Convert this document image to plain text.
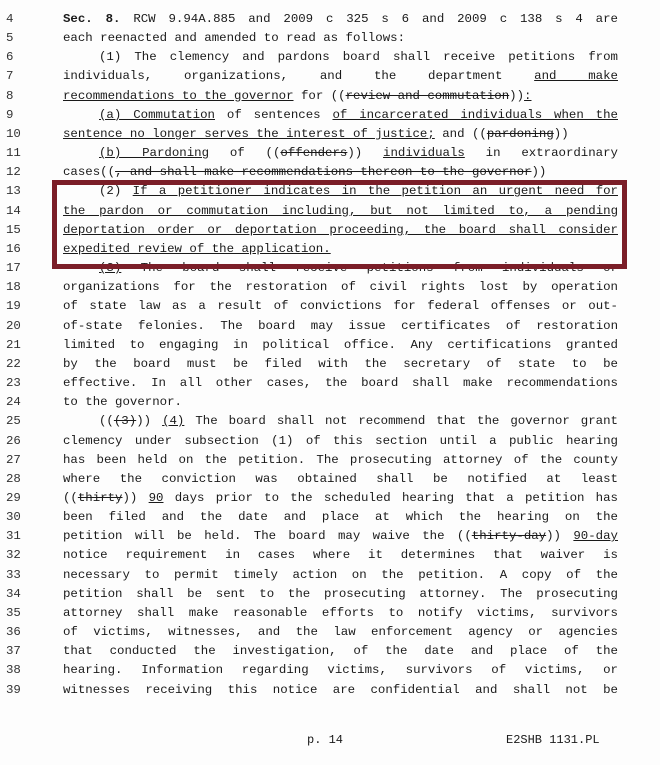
4	Sec. 8. RCW 9.94A.885 and 2009 c 325 s 6 and 2009 c 138 s 4 are
5	each reenacted and amended to read as follows:
6	(1) The clemency and pardons board shall receive petitions from
7	individuals, organizations, and the department and make
8	recommendations to the governor for ((review and commutation)):
9	(a) Commutation of sentences of incarcerated individuals when the
10	sentence no longer serves the interest of justice; and ((pardoning))
11	(b) Pardoning of ((offenders)) individuals in extraordinary
12	cases((, and shall make recommendations thereon to the governor))
13	(2) If a petitioner indicates in the petition an urgent need for
14	the pardon or commutation including, but not limited to, a pending
15	deportation order or deportation proceeding, the board shall consider
16	expedited review of the application.
17	(3) The board shall receive petitions from individuals or
18	organizations for the restoration of civil rights lost by operation
19	of state law as a result of convictions for federal offenses or out-
20	of-state felonies. The board may issue certificates of restoration
21	limited to engaging in political office. Any certifications granted
22	by the board must be filed with the secretary of state to be
23	effective. In all other cases, the board shall make recommendations
24	to the governor.
25	(((3))) (4) The board shall not recommend that the governor grant
26	clemency under subsection (1) of this section until a public hearing
27	has been held on the petition. The prosecuting attorney of the county
28	where the conviction was obtained shall be notified at least
29	((thirty)) 90 days prior to the scheduled hearing that a petition has
30	been filed and the date and place at which the hearing on the
31	petition will be held. The board may waive the ((thirty-day)) 90-day
32	notice requirement in cases where it determines that waiver is
33	necessary to permit timely action on the petition. A copy of the
34	petition shall be sent to the prosecuting attorney. The prosecuting
35	attorney shall make reasonable efforts to notify victims, survivors
36	of victims, witnesses, and the law enforcement agency or agencies
37	that conducted the investigation, of the date and place of the
38	hearing. Information regarding victims, survivors of victims, or
39	witnesses receiving this notice are confidential and shall not be
p. 14	E2SHB 1131.PL
